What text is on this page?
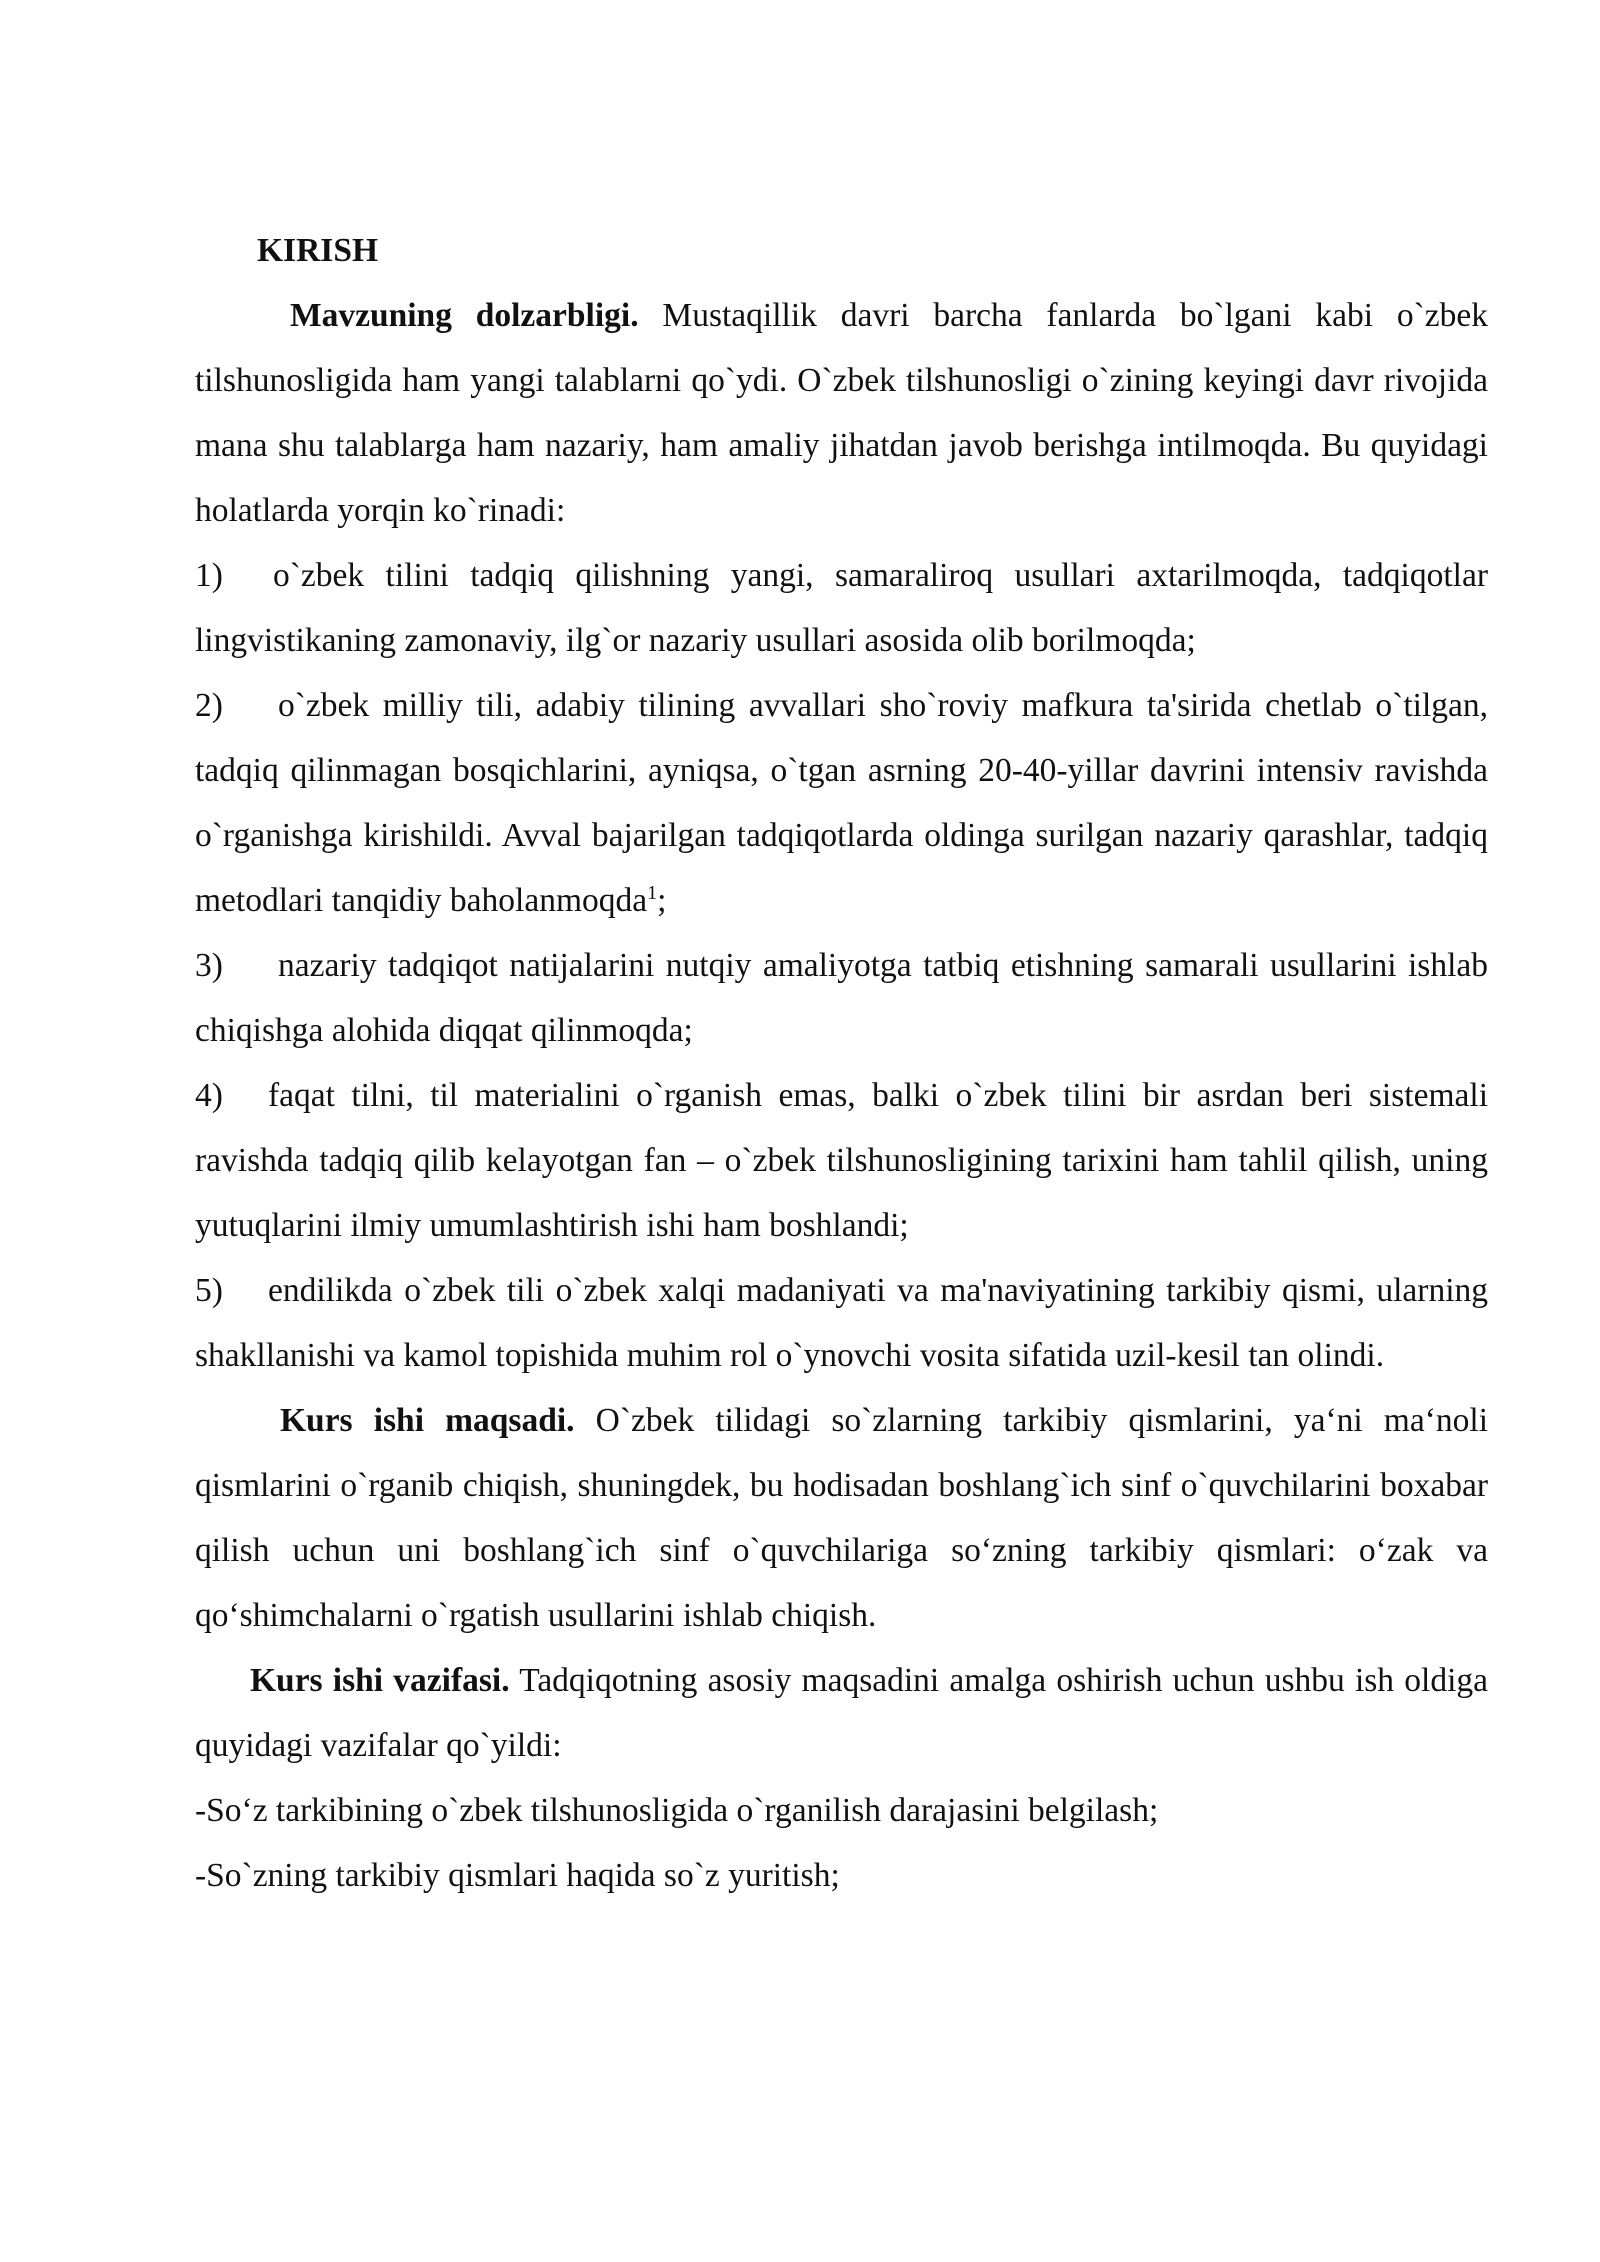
KIRISH

Mavzuning dolzarbligi. Mustaqillik davri barcha fanlarda bo`lgani kabi o`zbek tilshunosligida ham yangi talablarni qo`ydi. O`zbek tilshunosligi o`zining keyingi davr rivojida mana shu talablarga ham nazariy, ham amaliy jihatdan javob berishga intilmoqda. Bu quyidagi holatlarda yorqin ko`rinadi:

1) o`zbek tilini tadqiq qilishning yangi, samaraliroq usullari axtarilmoqda, tadqiqotlar lingvistikaning zamonaviy, ilg`or nazariy usullari asosida olib borilmoqda;

2) o`zbek milliy tili, adabiy tilining avvallari sho`roviy mafkura ta'sirida chetlab o`tilgan, tadqiq qilinmagan bosqichlarini, ayniqsa, o`tgan asrning 20-40-yillar davrini intensiv ravishda o`rganishga kirishildi. Avval bajarilgan tadqiqotlarda oldinga surilgan nazariy qarashlar, tadqiq metodlari tanqidiy baholanmoqda$^1$;

3) nazariy tadqiqot natijalarini nutqiy amaliyotga tatbiq etishning samarali usullarini ishlab chiqishga alohida diqqat qilinmoqda;

4) faqat tilni, til materialini o`rganish emas, balki o`zbek tilini bir asrdan beri sistemali ravishda tadqiq qilib kelayotgan fan – o`zbek tilshunosligining tarixini ham tahlil qilish, uning yutuqlarini ilmiy umumlashtirish ishi ham boshlandi;

5) endilikda o`zbek tili o`zbek xalqi madaniyati va ma'naviyatining tarkibiy qismi, ularning shakllanishi va kamol topishida muhim rol o`ynovchi vosita sifatida uzil-kesil tan olindi.

Kurs ishi maqsadi. O`zbek tilidagi so`zlarning tarkibiy qismlarini, ya‘ni ma‘noli qismlarini o`rganib chiqish, shuningdek, bu hodisadan boshlang`ich sinf o`quvchilarini boxabar qilish uchun uni boshlang`ich sinf o`quvchilariga so‘zning tarkibiy qismlari: o‘zak va qo‘shimchalarni o`rgatish usullarini ishlab chiqish.

Kurs ishi vazifasi. Tadqiqotning asosiy maqsadini amalga oshirish uchun ushbu ish oldiga quyidagi vazifalar qo`yildi:

-So‘z tarkibining o`zbek tilshunosligida o`rganilish darajasini belgilash;

-So`zning tarkibiy qismlari haqida so`z yuritish;
